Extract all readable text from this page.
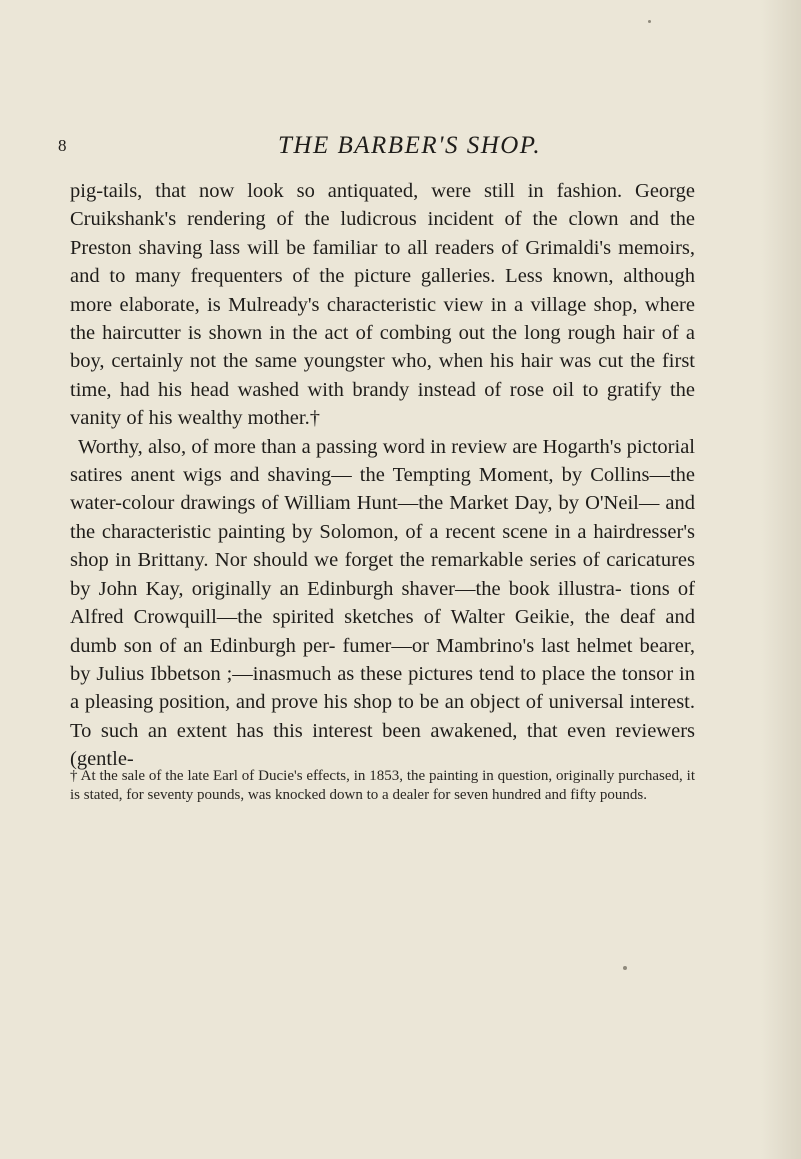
8	THE BARBER'S SHOP.

pig-tails, that now look so antiquated, were still in fashion. George Cruikshank's rendering of the ludicrous incident of the clown and the Preston shaving lass will be familiar to all readers of Grimaldi's memoirs, and to many frequenters of the picture galleries. Less known, although more elaborate, is Mulready's characteristic view in a village shop, where the haircutter is shown in the act of combing out the long rough hair of a boy, certainly not the same youngster who, when his hair was cut the first time, had his head washed with brandy instead of rose oil to gratify the vanity of his wealthy mother.†

Worthy, also, of more than a passing word in review are Hogarth's pictorial satires anent wigs and shaving— the Tempting Moment, by Collins—the water-colour drawings of William Hunt—the Market Day, by O'Neil— and the characteristic painting by Solomon, of a recent scene in a hairdresser's shop in Brittany. Nor should we forget the remarkable series of caricatures by John Kay, originally an Edinburgh shaver—the book illustra- tions of Alfred Crowquill—the spirited sketches of Walter Geikie, the deaf and dumb son of an Edinburgh per- fumer—or Mambrino's last helmet bearer, by Julius Ibbetson ;—inasmuch as these pictures tend to place the tonsor in a pleasing position, and prove his shop to be an object of universal interest. To such an extent has this interest been awakened, that even reviewers (gentle-

† At the sale of the late Earl of Ducie's effects, in 1853, the painting in question, originally purchased, it is stated, for seventy pounds, was knocked down to a dealer for seven hundred and fifty pounds.
